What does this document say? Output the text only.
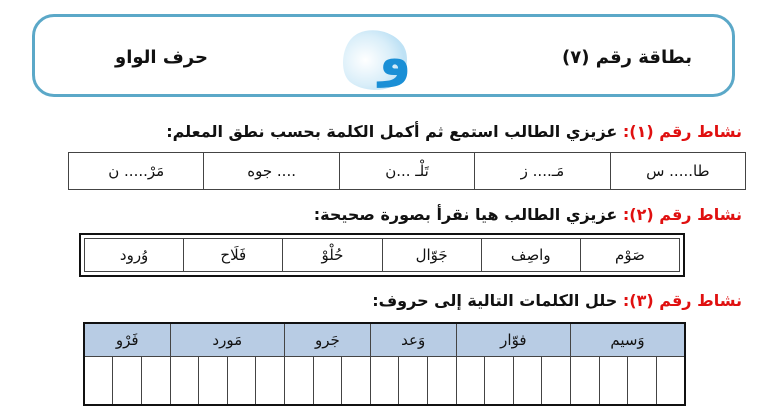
بطاقة رقم (٧)
و
حرف الواو
نشاط رقم (١): عزيزي الطالب استمع ثم أكمل الكلمة بحسب نطق المعلم:
طا..... س	مَـ.... ز	تَلْـ ...ن	.... جوه	مَرْ..... ن
نشاط رقم (٢): عزيزي الطالب هيا نقرأ بصورة صحيحة:
صَوْم	واصِف	جَوّال	حُلْوْ	فَلَاح	وُرود
نشاط رقم (٣): حلل الكلمات التالية إلى حروف:
وَسيم				فوّار				وَعد			جَرو			مَورد				فَرْو		
